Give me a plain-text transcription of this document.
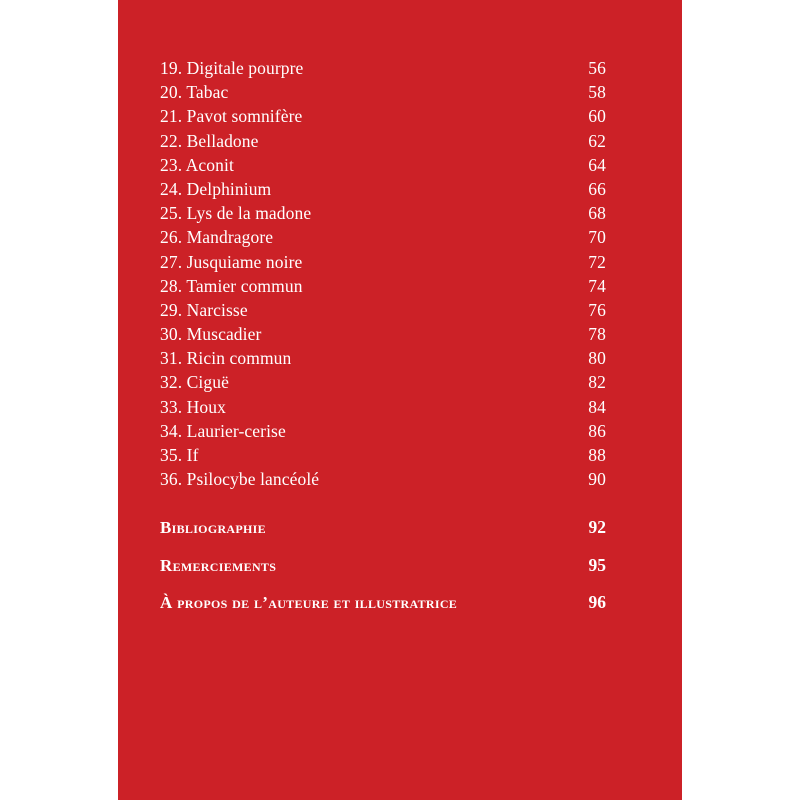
19. Digitale pourpre	56
20. Tabac	58
21. Pavot somnifère	60
22. Belladone	62
23. Aconit	64
24. Delphinium	66
25. Lys de la madone	68
26. Mandragore	70
27. Jusquiame noire	72
28. Tamier commun	74
29. Narcisse	76
30. Muscadier	78
31. Ricin commun	80
32. Ciguë	82
33. Houx	84
34. Laurier-cerise	86
35. If	88
36. Psilocybe lancéolé	90
Bibliographie	92
Remerciements	95
À propos de l’auteure et illustratrice	96
